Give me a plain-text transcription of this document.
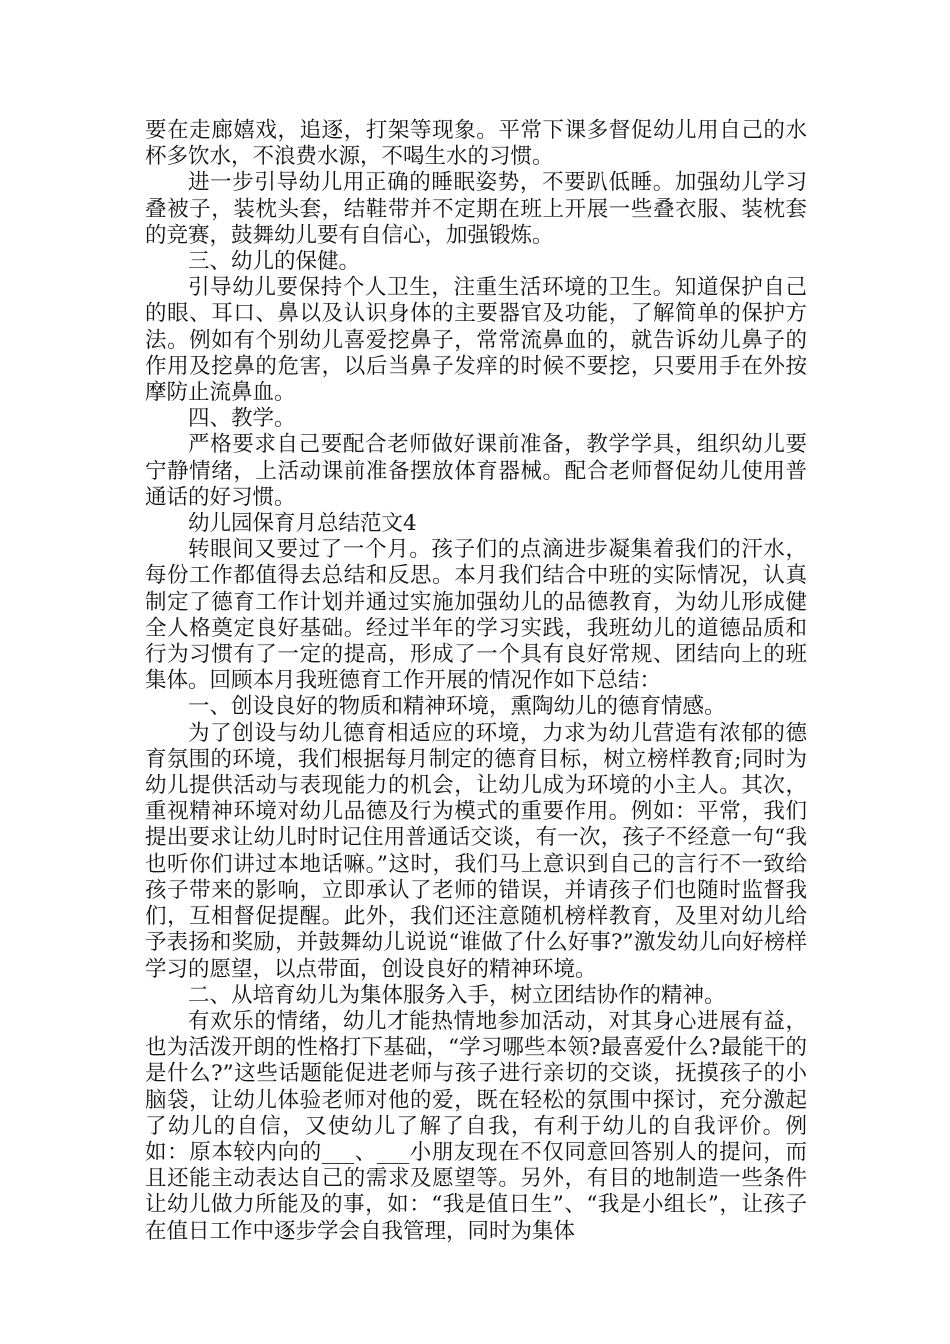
要在走廊嬉戏，追逐，打架等现象。平常下课多督促幼儿用自己的水杯多饮水，不浪费水源，不喝生水的习惯。

进一步引导幼儿用正确的睡眠姿势，不要趴低睡。加强幼儿学习叠被子，装枕头套，结鞋带并不定期在班上开展一些叠衣服、装枕套的竞赛，鼓舞幼儿要有自信心，加强锻炼。

三、幼儿的保健。

引导幼儿要保持个人卫生，注重生活环境的卫生。知道保护自己的眼、耳口、鼻以及认识身体的主要器官及功能，了解简单的保护方法。例如有个别幼儿喜爱挖鼻子，常常流鼻血的，就告诉幼儿鼻子的作用及挖鼻的危害，以后当鼻子发痒的时候不要挖，只要用手在外按摩防止流鼻血。

四、教学。

严格要求自己要配合老师做好课前准备，教学学具，组织幼儿要宁静情绪，上活动课前准备摆放体育器械。配合老师督促幼儿使用普通话的好习惯。

幼儿园保育月总结范文4

转眼间又要过了一个月。孩子们的点滴进步凝集着我们的汗水，每份工作都值得去总结和反思。本月我们结合中班的实际情况，认真制定了德育工作计划并通过实施加强幼儿的品德教育，为幼儿形成健全人格奠定良好基础。经过半年的学习实践，我班幼儿的道德品质和行为习惯有了一定的提高，形成了一个具有良好常规、团结向上的班集体。回顾本月我班德育工作开展的情况作如下总结：

一、创设良好的物质和精神环境，熏陶幼儿的德育情感。

为了创设与幼儿德育相适应的环境，力求为幼儿营造有浓郁的德育氛围的环境，我们根据每月制定的德育目标，树立榜样教育;同时为幼儿提供活动与表现能力的机会，让幼儿成为环境的小主人。其次，重视精神环境对幼儿品德及行为模式的重要作用。例如：平常，我们提出要求让幼儿时时记住用普通话交谈，有一次，孩子不经意一句“我也听你们讲过本地话嘛。”这时，我们马上意识到自己的言行不一致给孩子带来的影响，立即承认了老师的错误，并请孩子们也随时监督我们，互相督促提醒。此外，我们还注意随机榜样教育，及里对幼儿给予表扬和奖励，并鼓舞幼儿说说“谁做了什么好事?”激发幼儿向好榜样学习的愿望，以点带面，创设良好的精神环境。

二、从培育幼儿为集体服务入手，树立团结协作的精神。

有欢乐的情绪，幼儿才能热情地参加活动，对其身心进展有益，也为活泼开朗的性格打下基础，“学习哪些本领?最喜爱什么?最能干的是什么?”这些话题能促进老师与孩子进行亲切的交谈，抚摸孩子的小脑袋，让幼儿体验老师对他的爱，既在轻松的氛围中探讨，充分激起了幼儿的自信，又使幼儿了解了自我，有利于幼儿的自我评价。例如：原本较内向的___、___小朋友现在不仅同意回答别人的提问，而且还能主动表达自己的需求及愿望等。另外，有目的地制造一些条件让幼儿做力所能及的事，如：“我是值日生”、“我是小组长”，让孩子在值日工作中逐步学会自我管理，同时为集体
